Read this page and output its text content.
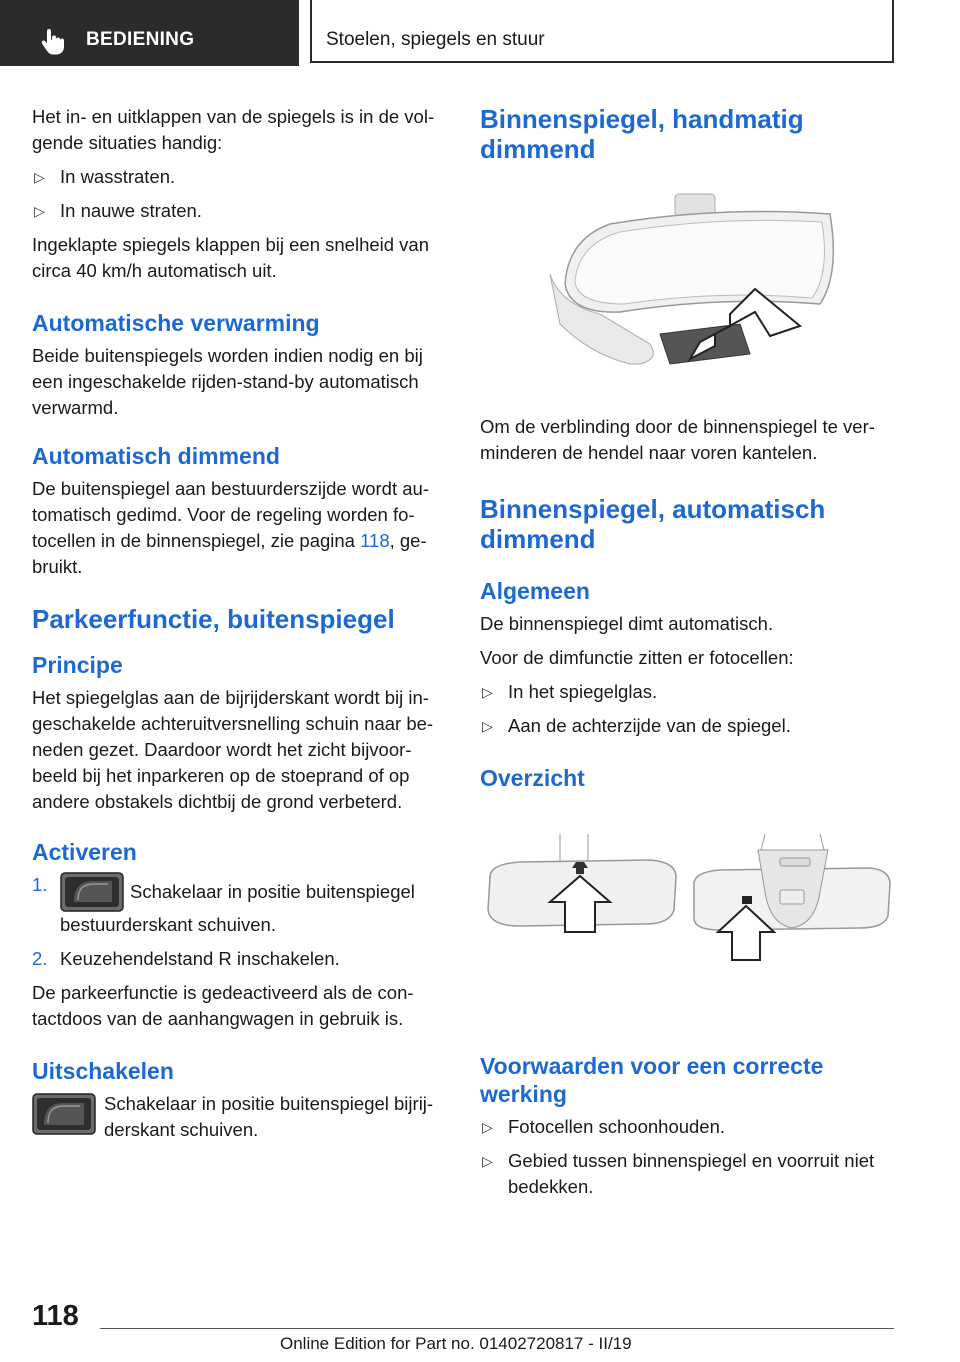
BEDIENING	Stoelen, spiegels en stuur

Het in- en uitklappen van de spiegels is in de volgende situaties handig:

▷ In wasstraten.
▷ In nauwe straten.

Ingeklapte spiegels klappen bij een snelheid van circa 40 km/h automatisch uit.

Automatische verwarming

Beide buitenspiegels worden indien nodig en bij een ingeschakelde rijden-stand-by automatisch verwarmd.

Automatisch dimmend

De buitenspiegel aan bestuurderszijde wordt automatisch gedimd. Voor de regeling worden fotocellen in de binnenspiegel, zie pagina 118, gebruikt.

Parkeerfunctie, buitenspiegel
Principe

Het spiegelglas aan de bijrijderskant wordt bij ingeschakelde achteruitversnelling schuin naar beneden gezet. Daardoor wordt het zicht bijvoorbeeld bij het inparkeren op de stoeprand of op andere obstakels dichtbij de grond verbeterd.

Activeren
1.	Schakelaar in positie buitenspiegel bestuurderskant schuiven.
2. Keuzehendelstand R inschakelen.

De parkeerfunctie is gedeactiveerd als de contactdoos van de aanhangwagen in gebruik is.

Uitschakelen
Schakelaar in positie buitenspiegel bijrijderskant schuiven.
Binnenspiegel, handmatig dimmend

Om de verblinding door de binnenspiegel te verminderen de hendel naar voren kantelen.

Binnenspiegel, automatisch dimmend
Algemeen

De binnenspiegel dimt automatisch.

Voor de dimfunctie zitten er fotocellen:

▷ In het spiegelglas.
▷ Aan de achterzijde van de spiegel.
Overzicht
Voorwaarden voor een correcte werking
▷ Fotocellen schoonhouden.
▷ Gebied tussen binnenspiegel en voorruit niet bedekken.
118
Online Edition for Part no. 01402720817 - II/19
